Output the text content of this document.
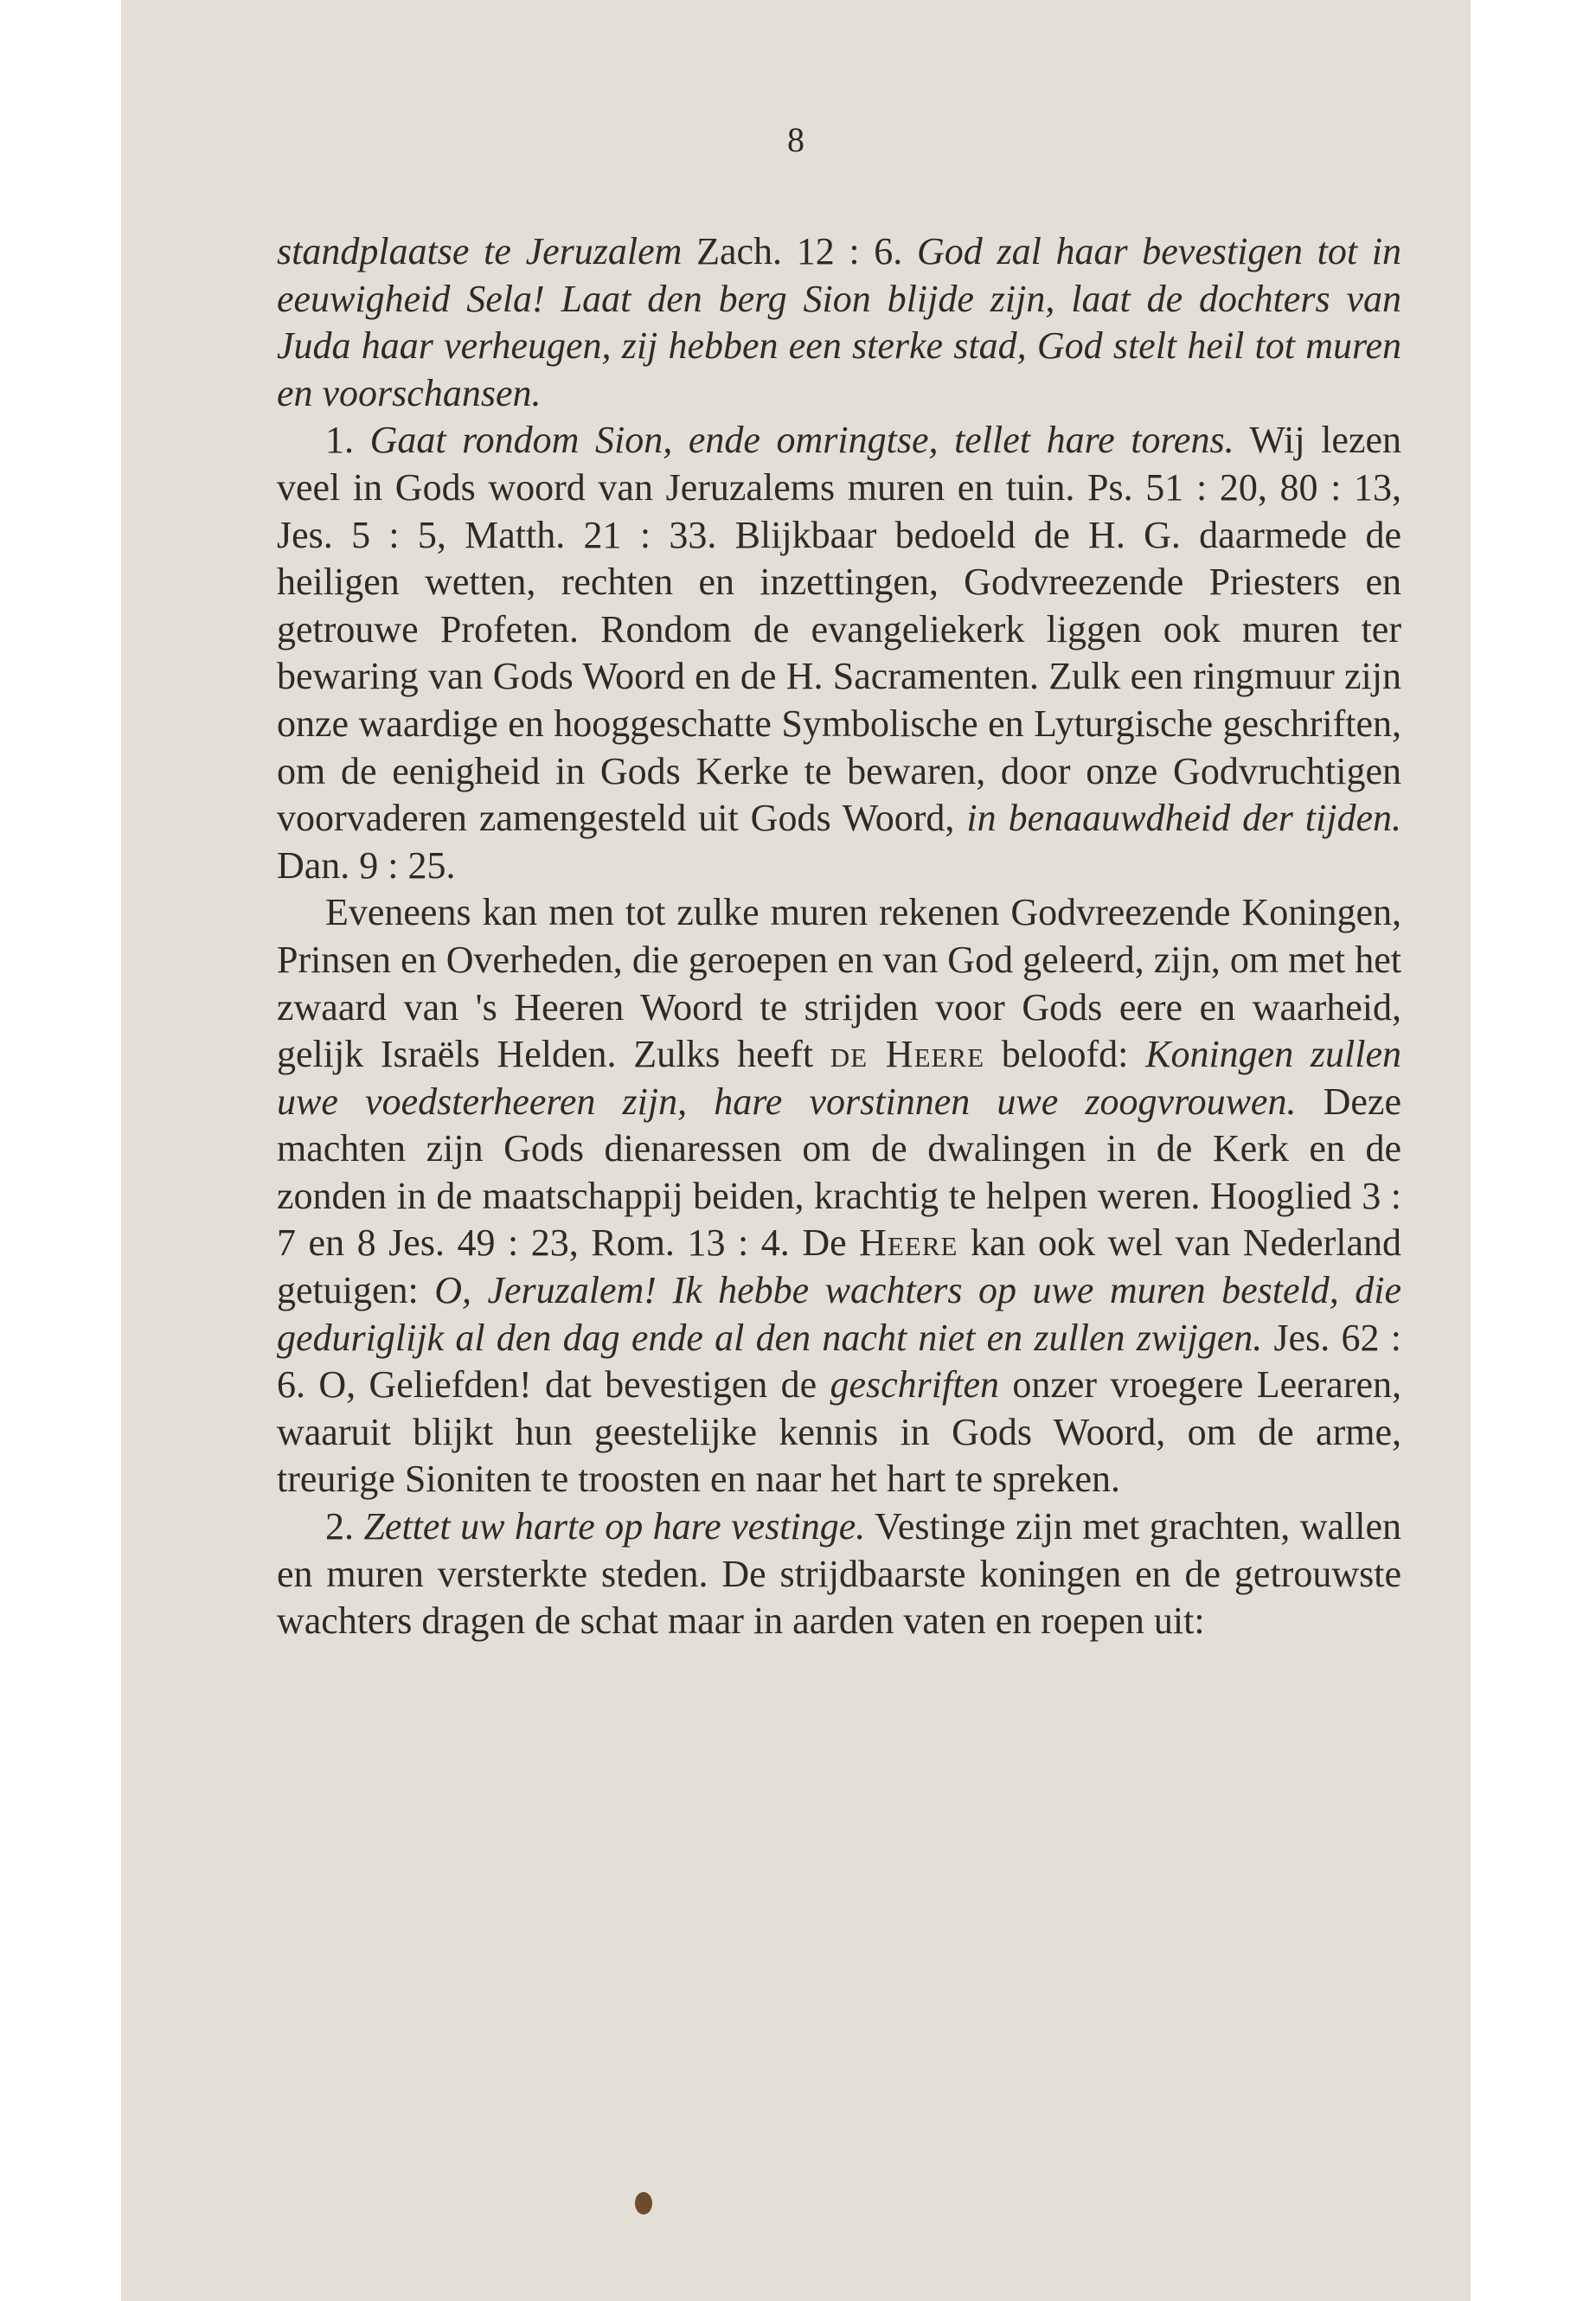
8

standplaatse te Jeruzalem Zach. 12 : 6. God zal haar bevestigen tot in eeuwigheid Sela! Laat den berg Sion blijde zijn, laat de dochters van Juda haar verheugen, zij hebben een sterke stad, God stelt heil tot muren en voorschansen.

1. Gaat rondom Sion, ende omringtse, tellet hare torens. Wij lezen veel in Gods woord van Jeruzalems muren en tuin. Ps. 51 : 20, 80 : 13, Jes. 5 : 5, Matth. 21 : 33. Blijkbaar bedoeld de H. G. daarmede de heiligen wetten, rechten en inzettingen, Godvreezende Priesters en getrouwe Profeten. Rondom de evangeliekerk liggen ook muren ter bewaring van Gods Woord en de H. Sacramenten. Zulk een ringmuur zijn onze waardige en hooggeschatte Symbolische en Lyturgische geschriften, om de eenigheid in Gods Kerke te bewaren, door onze Godvruchtigen voorvaderen zamengesteld uit Gods Woord, in benaauwdheid der tijden. Dan. 9 : 25.

Eveneens kan men tot zulke muren rekenen Godvreezende Koningen, Prinsen en Overheden, die geroepen en van God geleerd, zijn, om met het zwaard van 's Heeren Woord te strijden voor Gods eere en waarheid, gelijk Israëls Helden. Zulks heeft de Heere beloofd: Koningen zullen uwe voedsterheeren zijn, hare vorstinnen uwe zoogvrouwen. Deze machten zijn Gods dienaressen om de dwalingen in de Kerk en de zonden in de maatschappij beiden, krachtig te helpen weren. Hooglied 3 : 7 en 8 Jes. 49 : 23, Rom. 13 : 4. De Heere kan ook wel van Nederland getuigen: O, Jeruzalem! Ik hebbe wachters op uwe muren besteld, die geduriglijk al den dag ende al den nacht niet en zullen zwijgen. Jes. 62 : 6. O, Geliefden! dat bevestigen de geschriften onzer vroegere Leeraren, waaruit blijkt hun geestelijke kennis in Gods Woord, om de arme, treurige Sioniten te troosten en naar het hart te spreken.

2. Zettet uw harte op hare vestinge. Vestinge zijn met grachten, wallen en muren versterkte steden. De strijdbaarste koningen en de getrouwste wachters dragen de schat maar in aarden vaten en roepen uit:
